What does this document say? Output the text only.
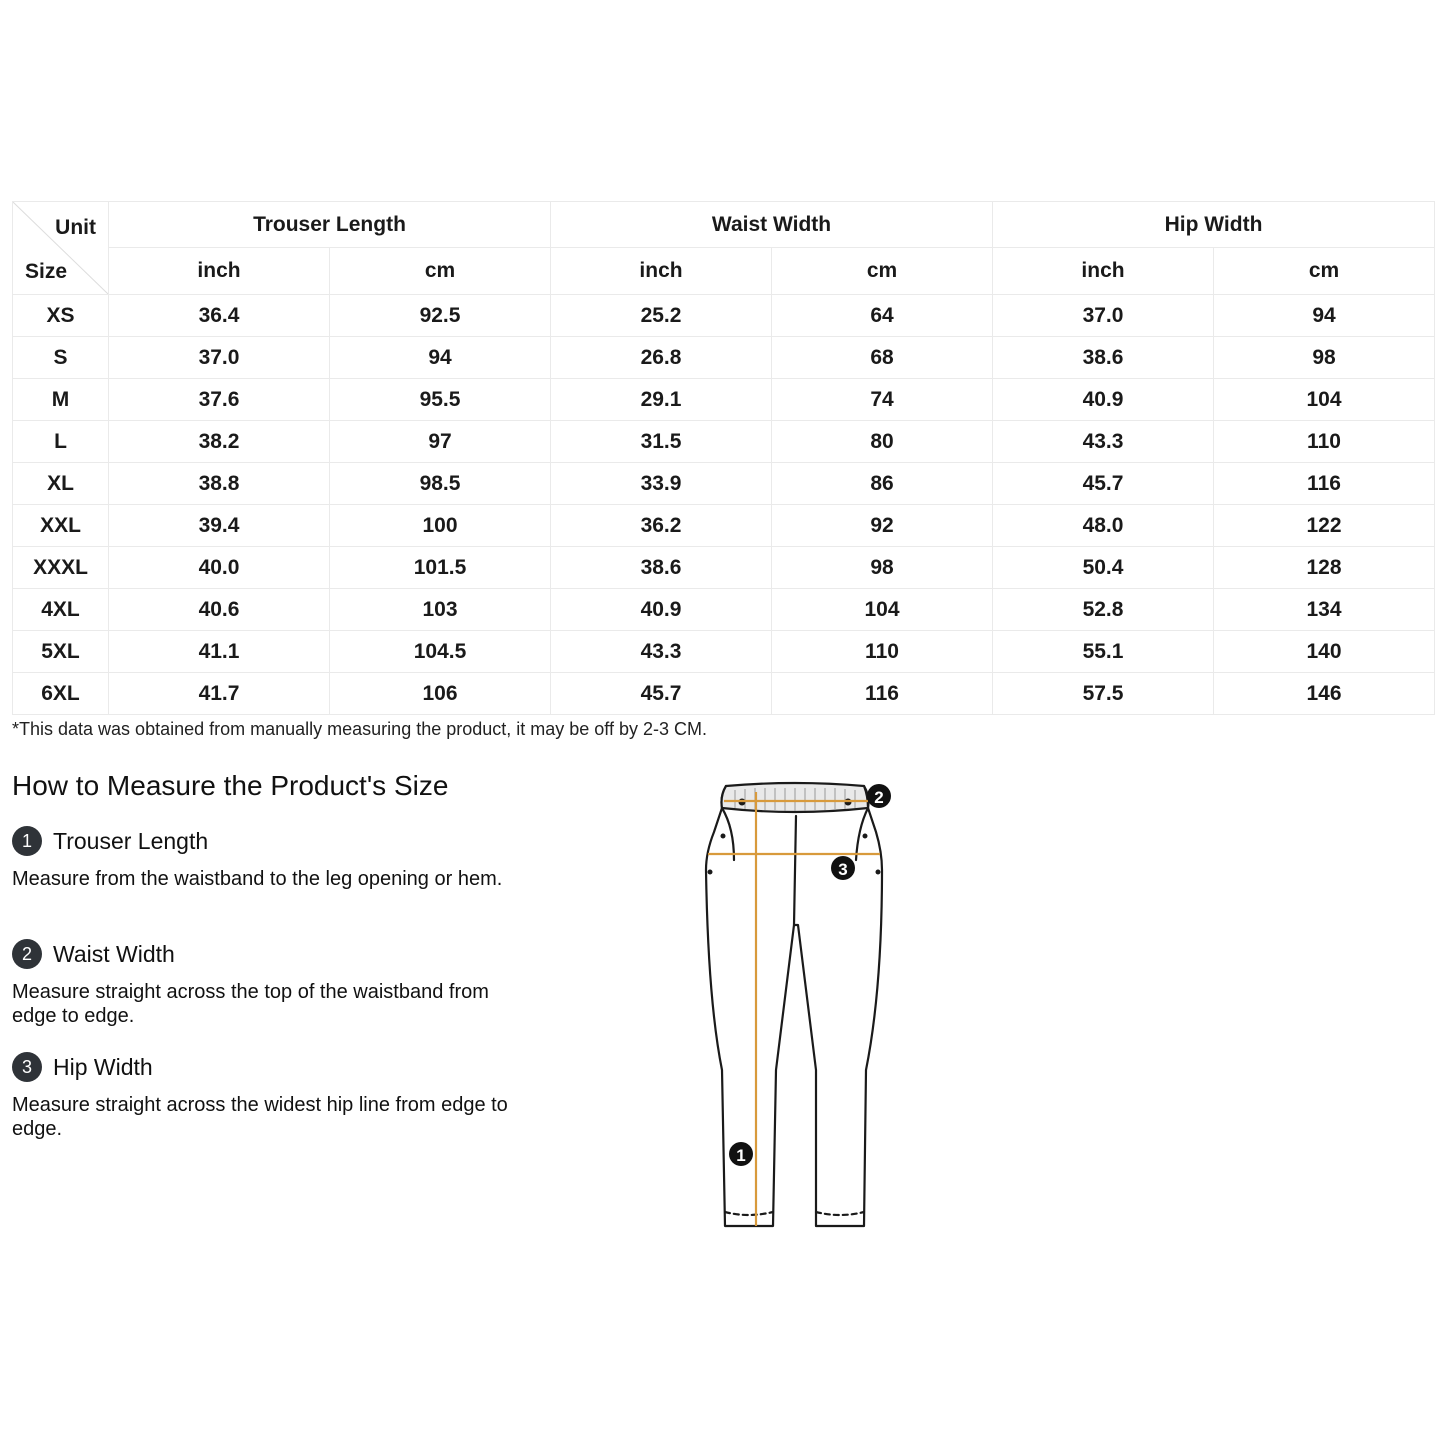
Unit
Size	Trouser Length		Waist Width		Hip Width	
	inch	cm	inch	cm	inch	cm
XS	36.4	92.5	25.2	64	37.0	94
S	37.0	94	26.8	68	38.6	98
M	37.6	95.5	29.1	74	40.9	104
L	38.2	97	31.5	80	43.3	110
XL	38.8	98.5	33.9	86	45.7	116
XXL	39.4	100	36.2	92	48.0	122
XXXL	40.0	101.5	38.6	98	50.4	128
4XL	40.6	103	40.9	104	52.8	134
5XL	41.1	104.5	43.3	110	55.1	140
6XL	41.7	106	45.7	116	57.5	146
*This data was obtained from manually measuring the product, it may be off by 2-3 CM.
How to Measure the Product's Size
1 Trouser Length
Measure from the waistband to the leg opening or hem.
2 Waist Width
Measure straight across the top of the waistband from edge to edge.
3 Hip Width
Measure straight across the widest hip line from edge to edge.
1
2
3
